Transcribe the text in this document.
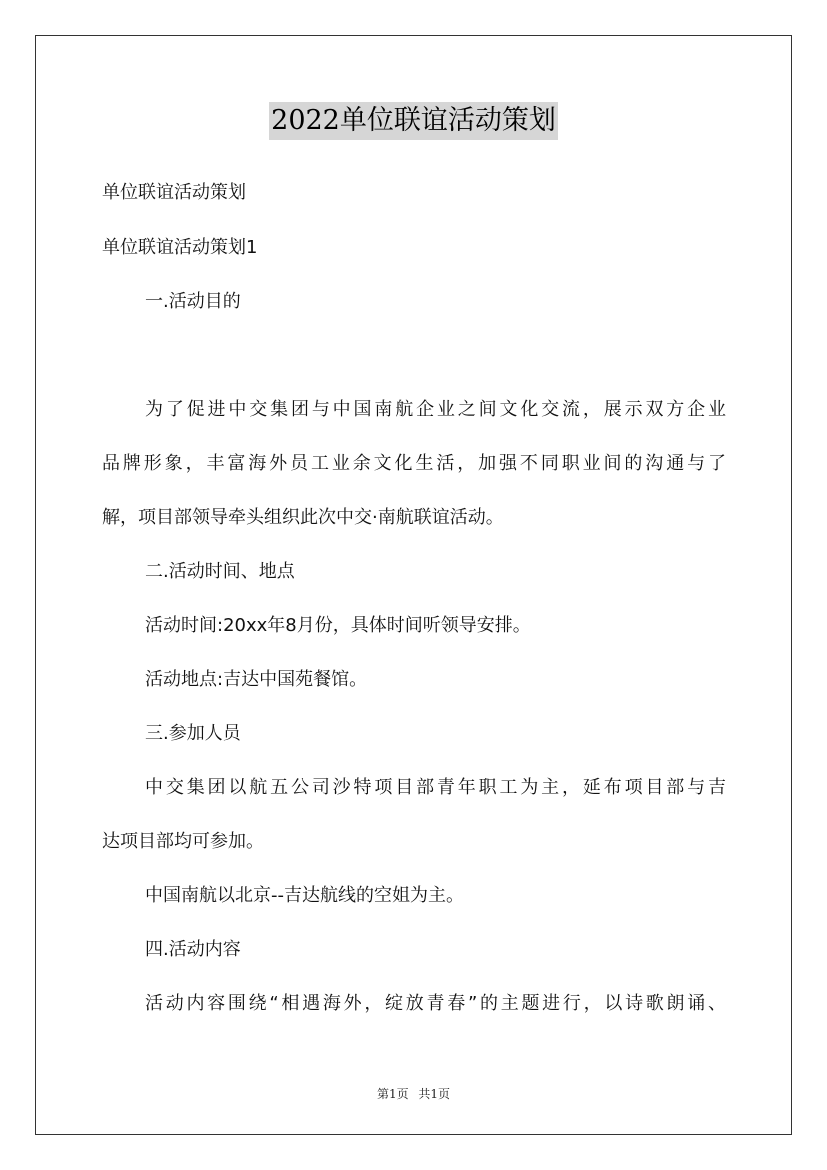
2022单位联谊活动策划
单位联谊活动策划
单位联谊活动策划1
一.活动目的
为了促进中交集团与中国南航企业之间文化交流，展示双方企业
品牌形象，丰富海外员工业余文化生活，加强不同职业间的沟通与了
解，项目部领导牵头组织此次中交·南航联谊活动。
二.活动时间、地点
活动时间:20xx年8月份，具体时间听领导安排。
活动地点:吉达中国苑餐馆。
三.参加人员
中交集团以航五公司沙特项目部青年职工为主，延布项目部与吉
达项目部均可参加。
中国南航以北京--吉达航线的空姐为主。
四.活动内容
活动内容围绕“相遇海外，绽放青春”的主题进行，以诗歌朗诵、
第1页 共1页
